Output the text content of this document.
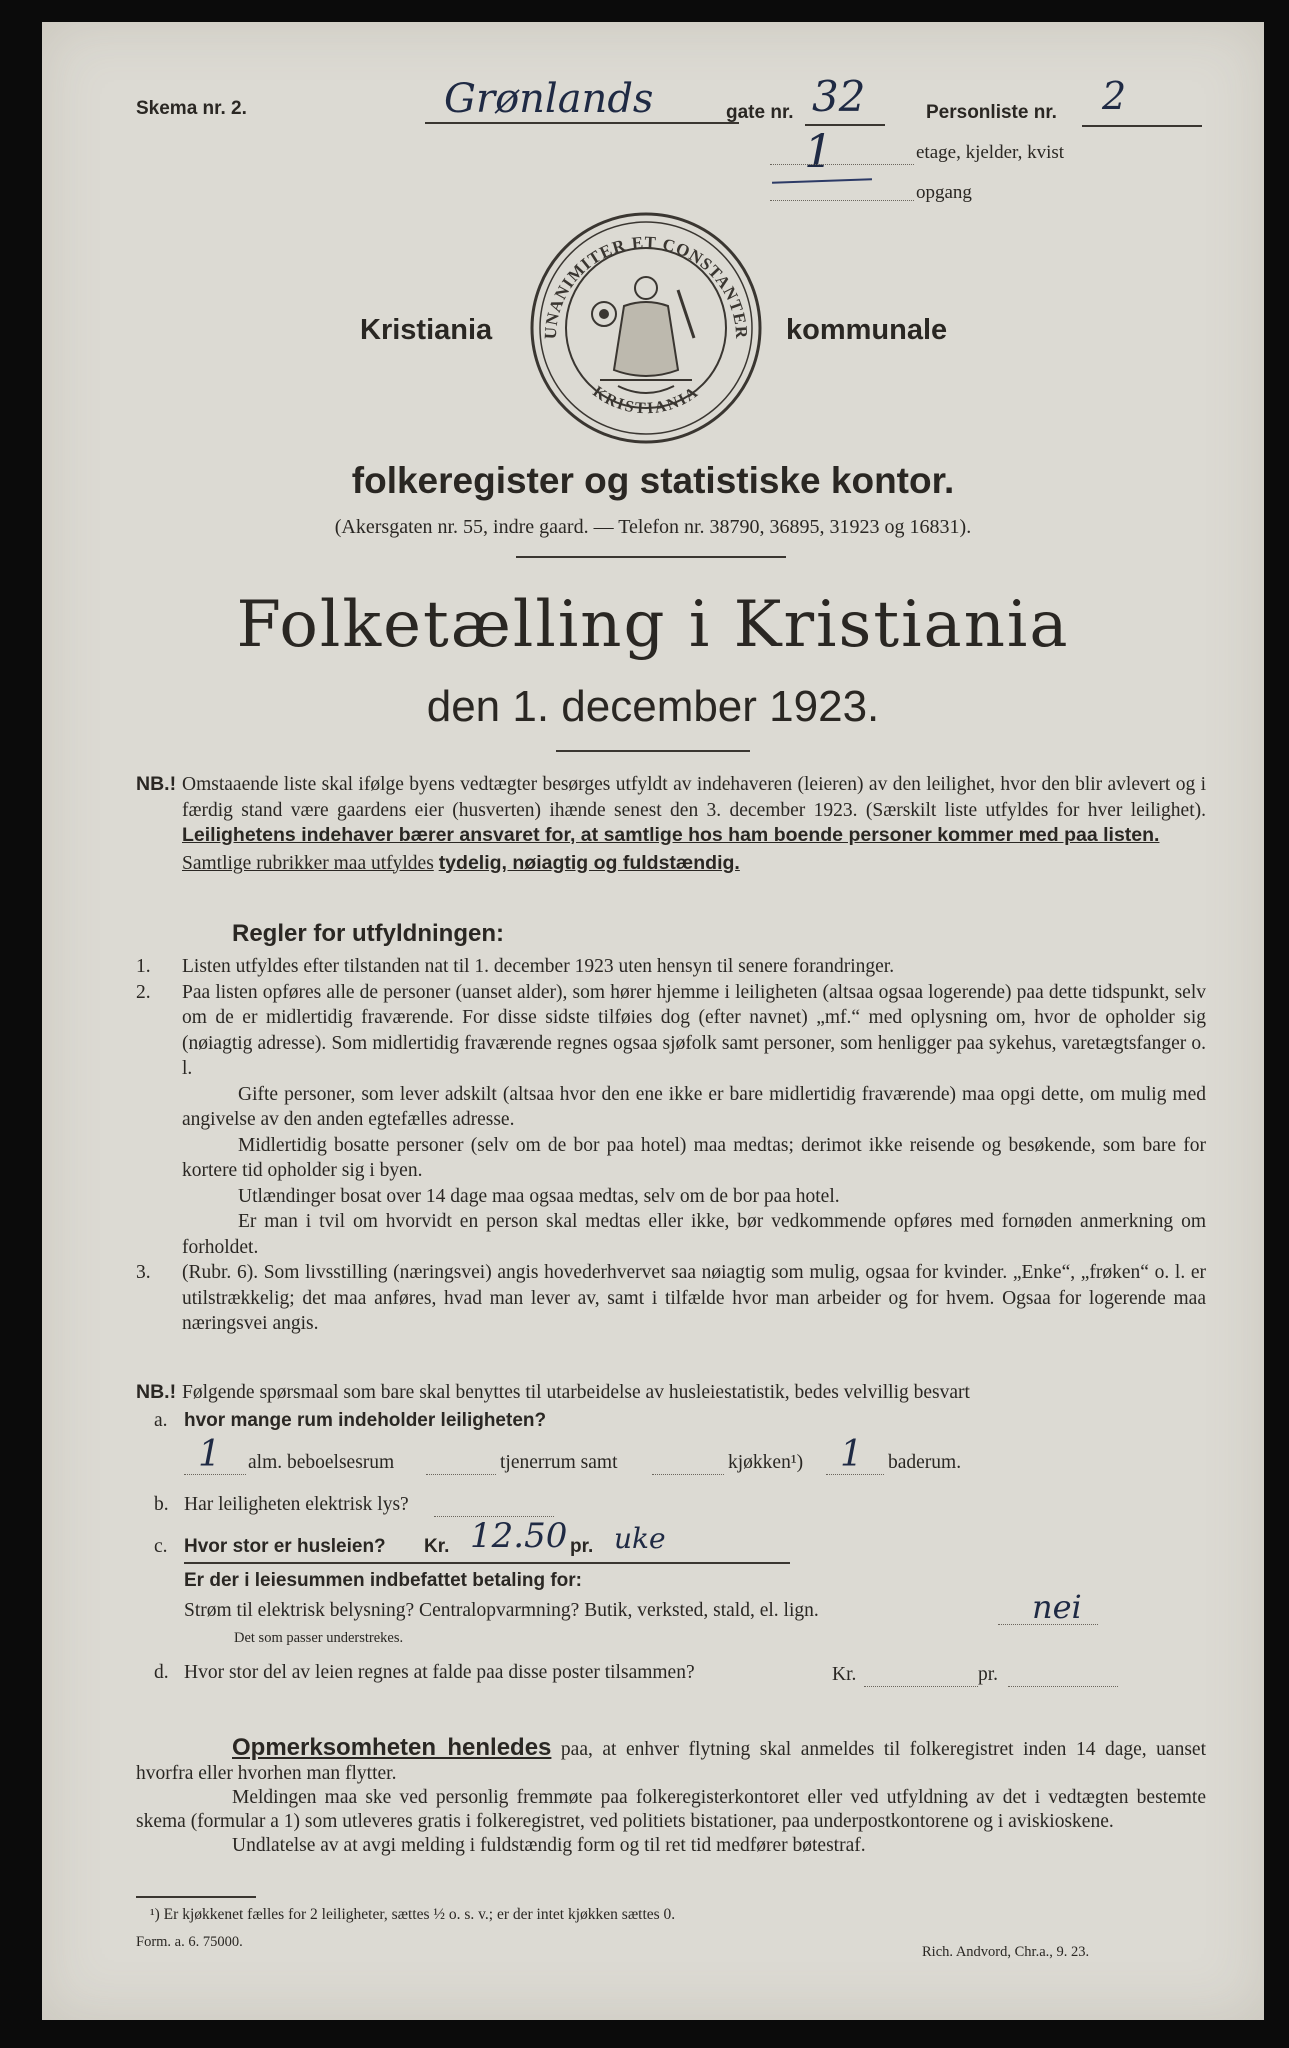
Skema nr. 2.	Grønlands	gate nr. 32	Personliste nr. 2
1	etage, kjelder, kvist
opgang
UNANIMITER ET CONSTANTER
KRISTIANIA
Kristiania	kommunale
folkeregister og statistiske kontor.
(Akersgaten nr. 55, indre gaard. — Telefon nr. 38790, 36895, 31923 og 16831).
Folketælling i Kristiania
den 1. december 1923.

NB.! Omstaaende liste skal ifølge byens vedtægter besørges utfyldt av indehaveren (leieren) av den leilighet, hvor den blir avlevert og i færdig stand være gaardens eier (husverten) ihænde senest den 3. december 1923. (Særskilt liste utfyldes for hver leilighet). Leilighetens indehaver bærer ansvaret for, at samtlige hos ham boende personer kommer med paa listen.

Samtlige rubrikker maa utfyldes tydelig, nøiagtig og fuldstændig.

Regler for utfyldningen:

1. Listen utfyldes efter tilstanden nat til 1. december 1923 uten hensyn til senere forandringer.

2. Paa listen opføres alle de personer (uanset alder), som hører hjemme i leiligheten (altsaa ogsaa logerende) paa dette tidspunkt, selv om de er midlertidig fraværende. For disse sidste tilføies dog (efter navnet) „mf.“ med oplysning om, hvor de opholder sig (nøiagtig adresse). Som midlertidig fraværende regnes ogsaa sjøfolk samt personer, som henligger paa sykehus, varetægtsfanger o. l.

Gifte personer, som lever adskilt (altsaa hvor den ene ikke er bare midlertidig fraværende) maa opgi dette, om mulig med angivelse av den anden egtefælles adresse.

Midlertidig bosatte personer (selv om de bor paa hotel) maa medtas; derimot ikke reisende og besøkende, som bare for kortere tid opholder sig i byen.

Utlændinger bosat over 14 dage maa ogsaa medtas, selv om de bor paa hotel.

Er man i tvil om hvorvidt en person skal medtas eller ikke, bør vedkommende opføres med fornøden anmerkning om forholdet.

3. (Rubr. 6). Som livsstilling (næringsvei) angis hovederhvervet saa nøiagtig som mulig, ogsaa for kvinder. „Enke“, „frøken“ o. l. er utilstrækkelig; det maa anføres, hvad man lever av, samt i tilfælde hvor man arbeider og for hvem. Ogsaa for logerende maa næringsvei angis.

NB.! Følgende spørsmaal som bare skal benyttes til utarbeidelse av husleiestatistik, bedes velvillig besvart

a. hvor mange rum indeholder leiligheten?
1 alm. beboelsesrum	tjenerrum samt	kjøkken¹) 1 baderum.
b. Har leiligheten elektrisk lys?
c. Hvor stor er husleien? Kr. 12.50 pr. uke
Er der i leiesummen indbefattet betaling for:
Strøm til elektrisk belysning? Centralopvarmning? Butik, verksted, stald, el. lign.	nei
Det som passer understrekes.
d. Hvor stor del av leien regnes at falde paa disse poster tilsammen?	Kr.	pr.

Opmerksomheten henledes paa, at enhver flytning skal anmeldes til folkeregistret inden 14 dage, uanset hvorfra eller hvorhen man flytter.

Meldingen maa ske ved personlig fremmøte paa folkeregisterkontoret eller ved utfyldning av det i vedtægten bestemte skema (formular a 1) som utleveres gratis i folkeregistret, ved politiets bistationer, paa underpostkontorene og i aviskioskene.

Undlatelse av at avgi melding i fuldstændig form og til ret tid medfører bøtestraf.

¹) Er kjøkkenet fælles for 2 leiligheter, sættes ½ o. s. v.; er der intet kjøkken sættes 0.
Form. a. 6. 75000.
Rich. Andvord, Chr.a., 9. 23.
